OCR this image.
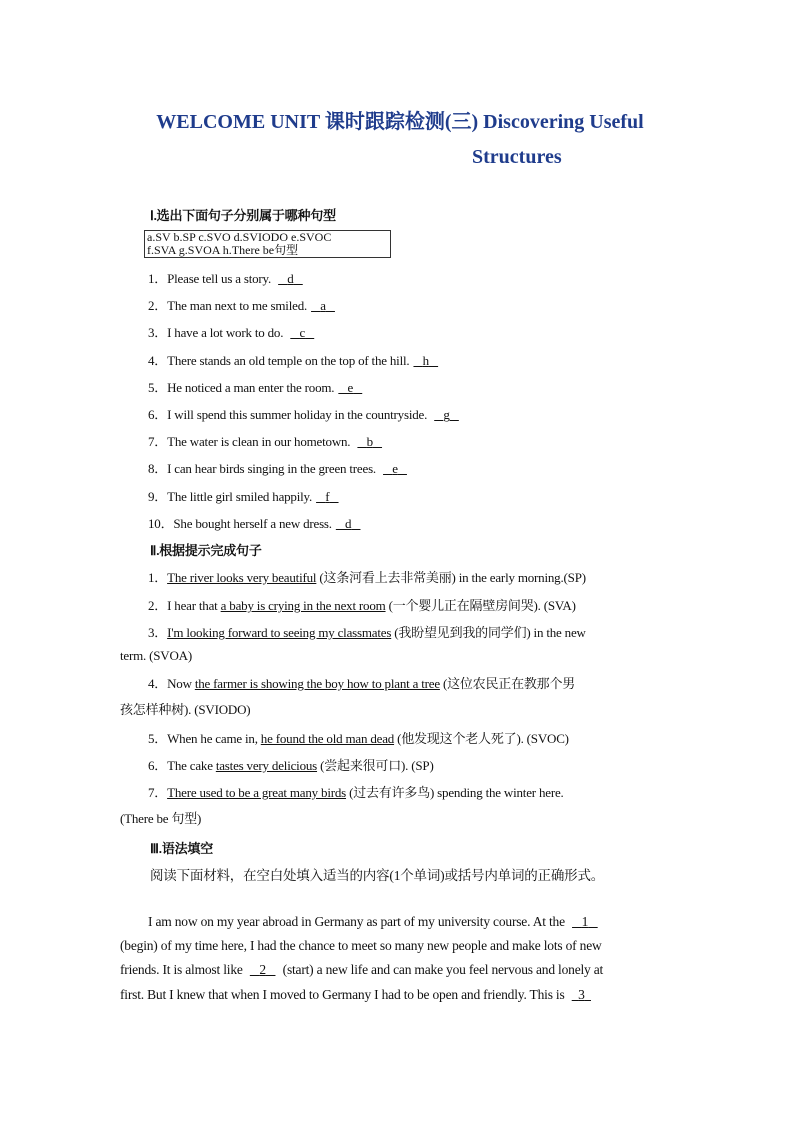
WELCOME UNIT 课时跟踪检测(三) Discovering Useful
Structures
Ⅰ.选出下面句子分别属于哪种句型
a.SV b.SP c.SVO d.SVIODO e.SVOC
f.SVA g.SVOA h.There be句型
1．Please tell us a story.    d
2．The man next to me smiled. a
3．I have a lot work to do.    c
4．There stands an old temple on the top of the hill. h
5．He noticed a man enter the room. e
6．I will spend this summer holiday in the countryside.    g
7．The water is clean in our hometown.    b
8．I can hear birds singing in the green trees.    e
9．The little girl smiled happily. f
10．She bought herself a new dress. d
Ⅱ.根据提示完成句子
1．The river looks very beautiful (这条河看上去非常美丽) in the early morning.(SP)
2．I hear that a baby is crying in the next room (一个婴儿正在隔壁房间哭). (SVA)
3．I'm looking forward to seeing my classmates (我盼望见到我的同学们) in the new
term. (SVOA)
4．Now the farmer is showing the boy how to plant a tree (这位农民正在教那个男
孩怎样种树). (SVIODO)
5．When he came in, he found the old man dead (他发现这个老人死了). (SVOC)
6．The cake tastes very delicious (尝起来很可口). (SP)
7．There used to be a great many birds (过去有许多鸟) spending the winter here.
(There be 句型)
Ⅲ.语法填空
阅读下面材料，在空白处填入适当的内容(1个单词)或括号内单词的正确形式。
I am now on my year abroad in Germany as part of my university course. At the    1
(begin) of my time here, I had the chance to meet so many new people and make lots of new
friends. It is almost like    2    (start) a new life and can make you feel nervous and lonely at
first. But I knew that when I moved to Germany I had to be open and friendly. This is   3
